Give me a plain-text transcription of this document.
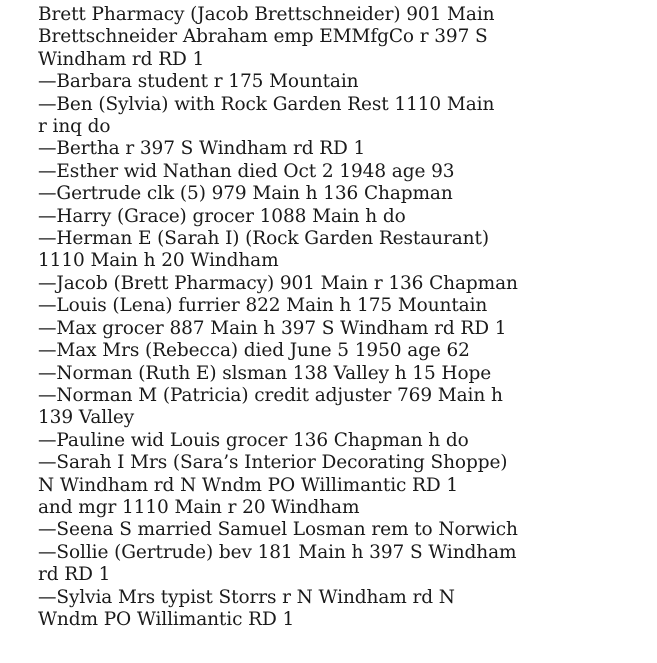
Brett Pharmacy (Jacob Brettschneider) 901 Main

Brettschneider Abraham emp EMMfgCo r 397 S
Windham rd RD 1

—Barbara student r 175 Mountain

—Ben (Sylvia) with Rock Garden Rest 1110 Main
r inq do

—Bertha r 397 S Windham rd RD 1

—Esther wid Nathan died Oct 2 1948 age 93

—Gertrude clk (5) 979 Main h 136 Chapman

—Harry (Grace) grocer 1088 Main h do

—Herman E (Sarah I) (Rock Garden Restaurant)
1110 Main h 20 Windham

—Jacob (Brett Pharmacy) 901 Main r 136 Chapman

—Louis (Lena) furrier 822 Main h 175 Mountain

—Max grocer 887 Main h 397 S Windham rd RD 1

—Max Mrs (Rebecca) died June 5 1950 age 62

—Norman (Ruth E) slsman 138 Valley h 15 Hope

—Norman M (Patricia) credit adjuster 769 Main h
139 Valley

—Pauline wid Louis grocer 136 Chapman h do

—Sarah I Mrs (Sara’s Interior Decorating Shoppe)
N Windham rd N Wndm PO Willimantic RD 1
and mgr 1110 Main r 20 Windham

—Seena S married Samuel Losman rem to Norwich

—Sollie (Gertrude) bev 181 Main h 397 S Windham
rd RD 1

—Sylvia Mrs typist Storrs r N Windham rd N
Wndm PO Willimantic RD 1
